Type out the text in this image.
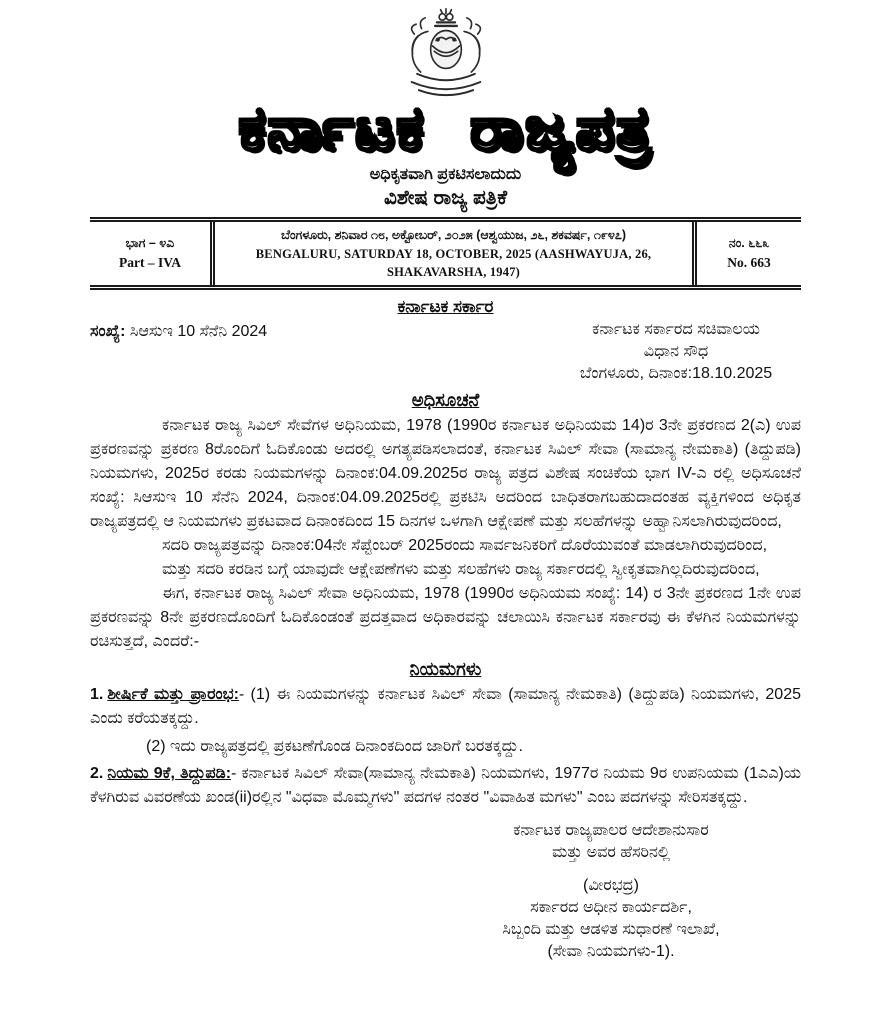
ಕರ್ನಾಟಕ ರಾಜ್ಯಪತ್ರ
ಅಧಿಕೃತವಾಗಿ ಪ್ರಕಟಿಸಲಾದುದು
ವಿಶೇಷ ರಾಜ್ಯ ಪತ್ರಿಕೆ
ಭಾಗ – ೪ಎ
Part – IVA
ಬೆಂಗಳೂರು, ಶನಿವಾರ ೧೮, ಅಕ್ಟೋಬರ್, ೨೦೨೫ (ಆಶ್ವಯುಜ, ೨೬, ಶಕವರ್ಷ, ೧೯೪೭)
BENGALURU, SATURDAY 18, OCTOBER, 2025 (AASHWAYUJA, 26, SHAKAVARSHA, 1947)
ನಂ. ೬೬೩
No. 663
ಕರ್ನಾಟಕ ಸರ್ಕಾರ
ಸಂಖ್ಯೆ: ಸಿಆಸುಇ 10 ಸೆನೆನಿ 2024	ಕರ್ನಾಟಕ ಸರ್ಕಾರದ ಸಚಿವಾಲಯ
ವಿಧಾನ ಸೌಧ
ಬೆಂಗಳೂರು, ದಿನಾಂಕ:18.10.2025
ಅಧಿಸೂಚನೆ

ಕರ್ನಾಟಕ ರಾಜ್ಯ ಸಿವಿಲ್ ಸೇವೆಗಳ ಅಧಿನಿಯಮ, 1978 (1990ರ ಕರ್ನಾಟಕ ಅಧಿನಿಯಮ 14)ರ 3ನೇ ಪ್ರಕರಣದ 2(ಎ) ಉಪ ಪ್ರಕರಣವನ್ನು ಪ್ರಕರಣ 8ರೊಂದಿಗೆ ಓದಿಕೊಂಡು ಅದರಲ್ಲಿ ಅಗತ್ಯಪಡಿಸಲಾದಂತೆ, ಕರ್ನಾಟಕ ಸಿವಿಲ್ ಸೇವಾ (ಸಾಮಾನ್ಯ ನೇಮಕಾತಿ) (ತಿದ್ದುಪಡಿ) ನಿಯಮಗಳು, 2025ರ ಕರಡು ನಿಯಮಗಳನ್ನು ದಿನಾಂಕ:04.09.2025ರ ರಾಜ್ಯ ಪತ್ರದ ವಿಶೇಷ ಸಂಚಿಕೆಯ ಭಾಗ IV-ಎ ರಲ್ಲಿ ಅಧಿಸೂಚನೆ ಸಂಖ್ಯೆ: ಸಿಆಸುಇ 10 ಸೆನೆನಿ 2024, ದಿನಾಂಕ:04.09.2025ರಲ್ಲಿ ಪ್ರಕಟಿಸಿ ಅದರಿಂದ ಬಾಧಿತರಾಗಬಹುದಾದಂತಹ ವ್ಯಕ್ತಿಗಳಿಂದ ಅಧಿಕೃತ ರಾಜ್ಯಪತ್ರದಲ್ಲಿ ಆ ನಿಯಮಗಳು ಪ್ರಕಟವಾದ ದಿನಾಂಕದಿಂದ 15 ದಿನಗಳ ಒಳಗಾಗಿ ಆಕ್ಷೇಪಣೆ ಮತ್ತು ಸಲಹೆಗಳನ್ನು ಅಹ್ವಾನಿಸಲಾಗಿರುವುದರಿಂದ,

ಸದರಿ ರಾಜ್ಯಪತ್ರವನ್ನು ದಿನಾಂಕ:04ನೇ ಸೆಪ್ಟೆಂಬರ್ 2025ರಂದು ಸಾರ್ವಜನಿಕರಿಗೆ ದೊರೆಯುವಂತೆ ಮಾಡಲಾಗಿರುವುದರಿಂದ,

ಮತ್ತು ಸದರಿ ಕರಡಿನ ಬಗ್ಗೆ ಯಾವುದೇ ಆಕ್ಷೇಪಣೆಗಳು ಮತ್ತು ಸಲಹೆಗಳು ರಾಜ್ಯ ಸರ್ಕಾರದಲ್ಲಿ ಸ್ವೀಕೃತವಾಗಿಲ್ಲದಿರುವುದರಿಂದ,

ಈಗ, ಕರ್ನಾಟಕ ರಾಜ್ಯ ಸಿವಿಲ್ ಸೇವಾ ಅಧಿನಿಯಮ, 1978 (1990ರ ಅಧಿನಿಯಮ ಸಂಖ್ಯೆ: 14) ರ 3ನೇ ಪ್ರಕರಣದ 1ನೇ ಉಪ ಪ್ರಕರಣವನ್ನು 8ನೇ ಪ್ರಕರಣದೊಂದಿಗೆ ಓದಿಕೊಂಡಂತೆ ಪ್ರದತ್ತವಾದ ಅಧಿಕಾರವನ್ನು ಚಲಾಯಿಸಿ ಕರ್ನಾಟಕ ಸರ್ಕಾರವು ಈ ಕೆಳಗಿನ ನಿಯಮಗಳನ್ನು ರಚಿಸುತ್ತದೆ, ಎಂದರೆ:-

ನಿಯಮಗಳು

1. ಶೀರ್ಷಿಕೆ ಮತ್ತು ಪ್ರಾರಂಭ:- (1) ಈ ನಿಯಮಗಳನ್ನು ಕರ್ನಾಟಕ ಸಿವಿಲ್ ಸೇವಾ (ಸಾಮಾನ್ಯ ನೇಮಕಾತಿ) (ತಿದ್ದುಪಡಿ) ನಿಯಮಗಳು, 2025 ಎಂದು ಕರೆಯತಕ್ಕದ್ದು.

(2) ಇದು ರಾಜ್ಯಪತ್ರದಲ್ಲಿ ಪ್ರಕಟಣೆಗೊಂಡ ದಿನಾಂಕದಿಂದ ಜಾರಿಗೆ ಬರತಕ್ಕದ್ದು.

2. ನಿಯಮ 9ಕೆ, ತಿದ್ದುಪಡಿ:- ಕರ್ನಾಟಕ ಸಿವಿಲ್ ಸೇವಾ(ಸಾಮಾನ್ಯ ನೇಮಕಾತಿ) ನಿಯಮಗಳು, 1977ರ ನಿಯಮ 9ರ ಉಪನಿಯಮ (1ಎಎ)ಯ ಕೆಳಗಿರುವ ವಿವರಣೆಯ ಖಂಡ(ii)ರಲ್ಲಿನ "ವಿಧವಾ ಮೊಮ್ಮಗಳು" ಪದಗಳ ನಂತರ "ವಿವಾಹಿತ ಮಗಳು" ಎಂಬ ಪದಗಳನ್ನು ಸೇರಿಸತಕ್ಕದ್ದು.

ಕರ್ನಾಟಕ ರಾಜ್ಯಪಾಲರ ಆದೇಶಾನುಸಾರ
ಮತ್ತು ಅವರ ಹೆಸರಿನಲ್ಲಿ
(ವೀರಭದ್ರ)
ಸರ್ಕಾರದ ಅಧೀನ ಕಾರ್ಯದರ್ಶಿ,
ಸಿಬ್ಬಂದಿ ಮತ್ತು ಆಡಳಿತ ಸುಧಾರಣೆ ಇಲಾಖೆ,
(ಸೇವಾ ನಿಯಮಗಳು-1).
